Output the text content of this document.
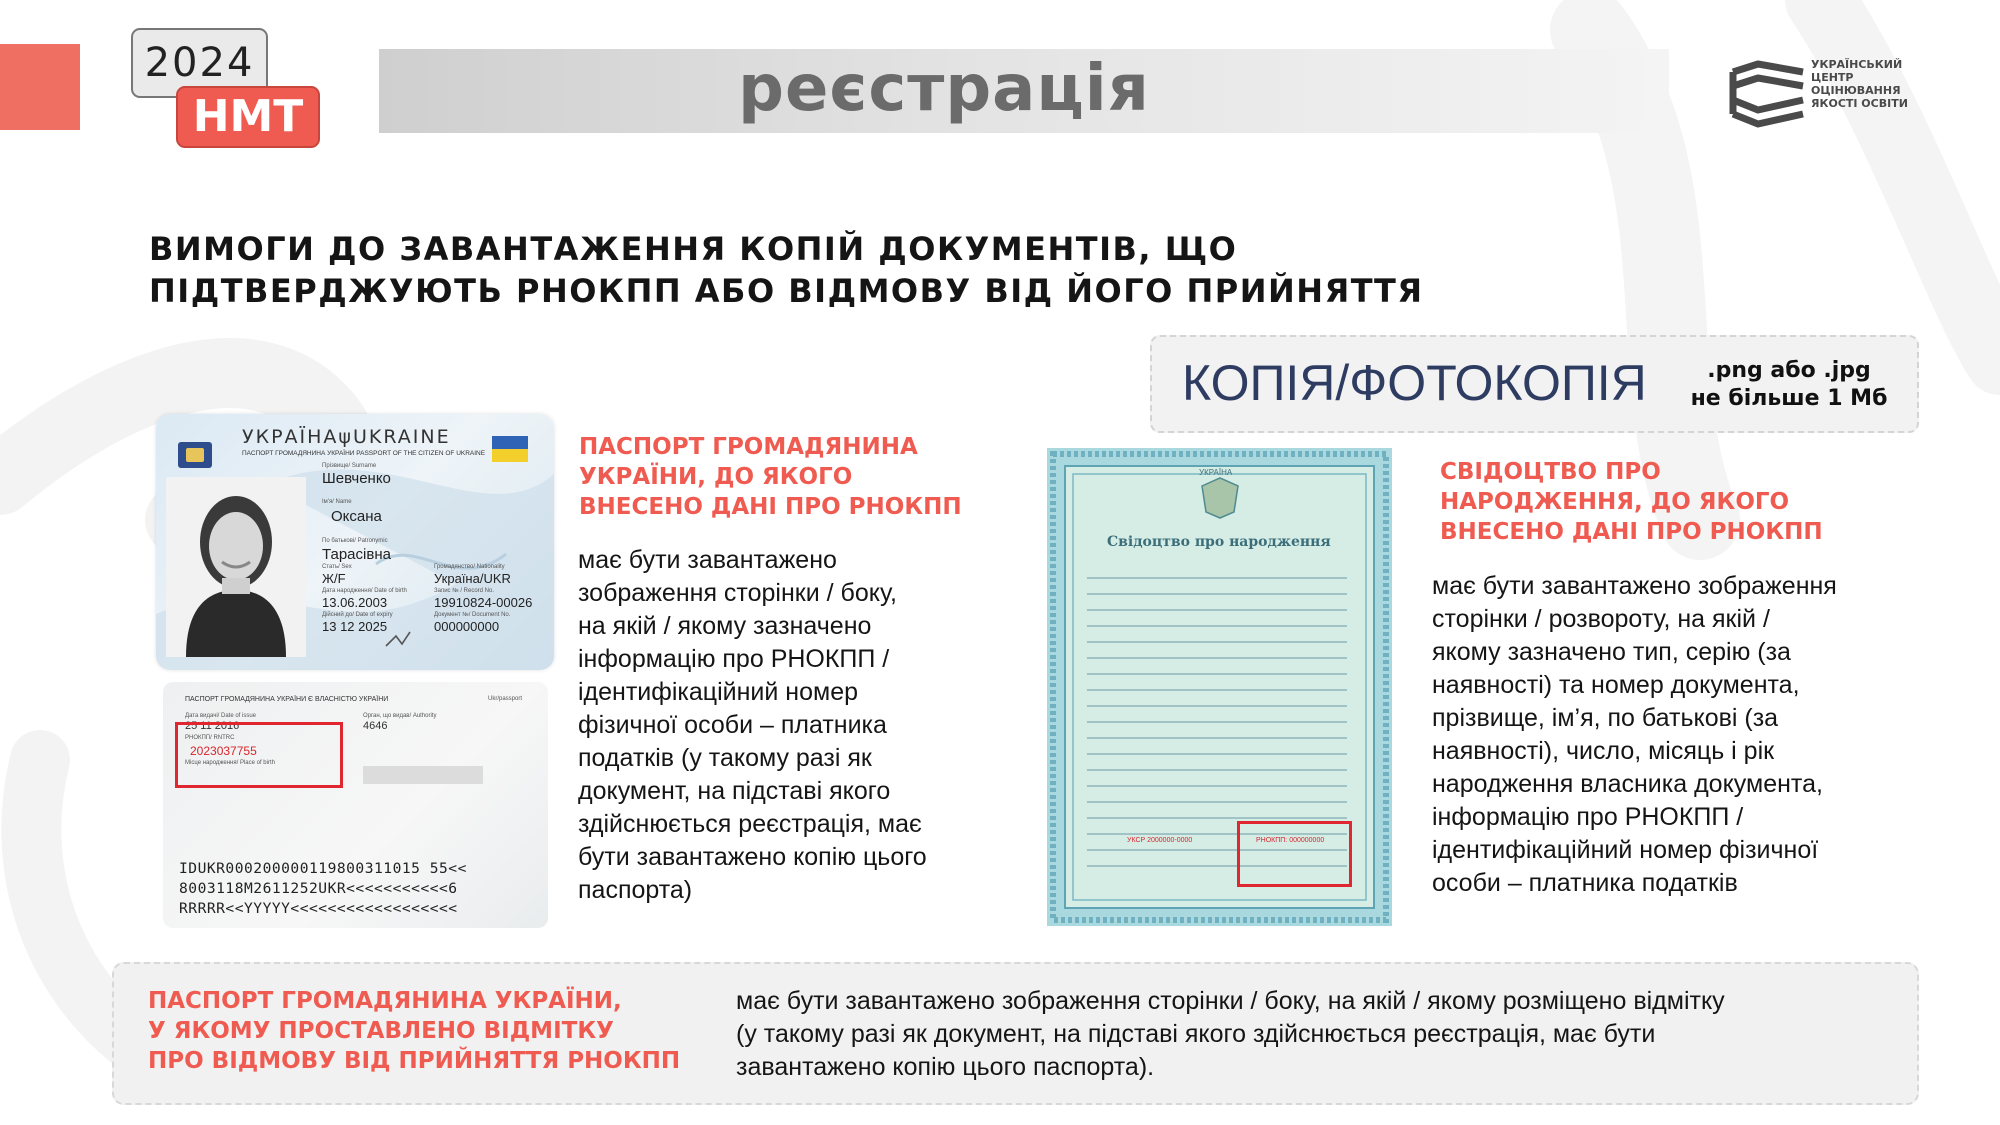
2024
НМТ	реєстрація	УКРАЇНСЬКИЙ
ЦЕНТР
ОЦІНЮВАННЯ
ЯКОСТІ ОСВІТИ
ВИМОГИ ДО ЗАВАНТАЖЕННЯ КОПІЙ ДОКУМЕНТІВ, ЩО
ПІДТВЕРДЖУЮТЬ РНОКПП АБО ВІДМОВУ ВІД ЙОГО ПРИЙНЯТТЯ
КОПІЯ/ФОТОКОПІЯ	.png або .jpg
не більше 1 Мб
УКРАЇНАψUKRAINE
ПАСПОРТ ГРОМАДЯНИНА УКРАЇНИ PASSPORT OF THE CITIZEN OF UKRAINE
Прізвище/ Surname
Шевченко
Ім'я/ Name
Оксана
По батькові/ Patronymic
Тарасівна
Стать/ Sex
Ж/F
Громадянство/ Nationality
Україна/UKR
Дата народження/ Date of birth
13.06.2003
Запис № / Record No.
19910824-00026
Дійсний до/ Date of expiry
13 12 2025
Документ №/ Document No.
000000000
ПАСПОРТ ГРОМАДЯНИНА УКРАЇНИ Є ВЛАСНІСТЮ УКРАЇНИ	Ukr/passport
Дата видачі/ Date of issue
25 11 2016
Орган, що видав/ Authority
4646
РНОКПП/ RNTRC
2023037755
Місце народження/ Place of birth
IDUKR000200000119800311015 55<<
8003118M2611252UKR<<<<<<<<<<<6
RRRRR<<YYYYY<<<<<<<<<<<<<<<<<<
ПАСПОРТ ГРОМАДЯНИНА
УКРАЇНИ, ДО ЯКОГО
ВНЕСЕНО ДАНІ ПРО РНОКПП
має бути завантажено
зображення сторінки / боку,
на якій / якому зазначено
інформацію про РНОКПП /
ідентифікаційний номер
фізичної особи – платника
податків (у такому разі як
документ, на підставі якого
здійснюється реєстрація, має
бути завантажено копію цього
паспорта)
УКРАЇНА
Свідоцтво про народження
УКСР 2000000-0000	РНОКПП: 000000000
СВІДОЦТВО ПРО
НАРОДЖЕННЯ, ДО ЯКОГО
ВНЕСЕНО ДАНІ ПРО РНОКПП
має бути завантажено зображення
сторінки / розвороту, на якій /
якому зазначено тип, серію (за
наявності) та номер документа,
прізвище, ім’я, по батькові (за
наявності), число, місяць і рік
народження власника документа,
інформацію про РНОКПП /
ідентифікаційний номер фізичної
особи – платника податків
ПАСПОРТ ГРОМАДЯНИНА УКРАЇНИ,
У ЯКОМУ ПРОСТАВЛЕНО ВІДМІТКУ
ПРО ВІДМОВУ ВІД ПРИЙНЯТТЯ РНОКПП
має бути завантажено зображення сторінки / боку, на якій / якому розміщено відмітку
(у такому разі як документ, на підставі якого здійснюється реєстрація, має бути
завантажено копію цього паспорта).
